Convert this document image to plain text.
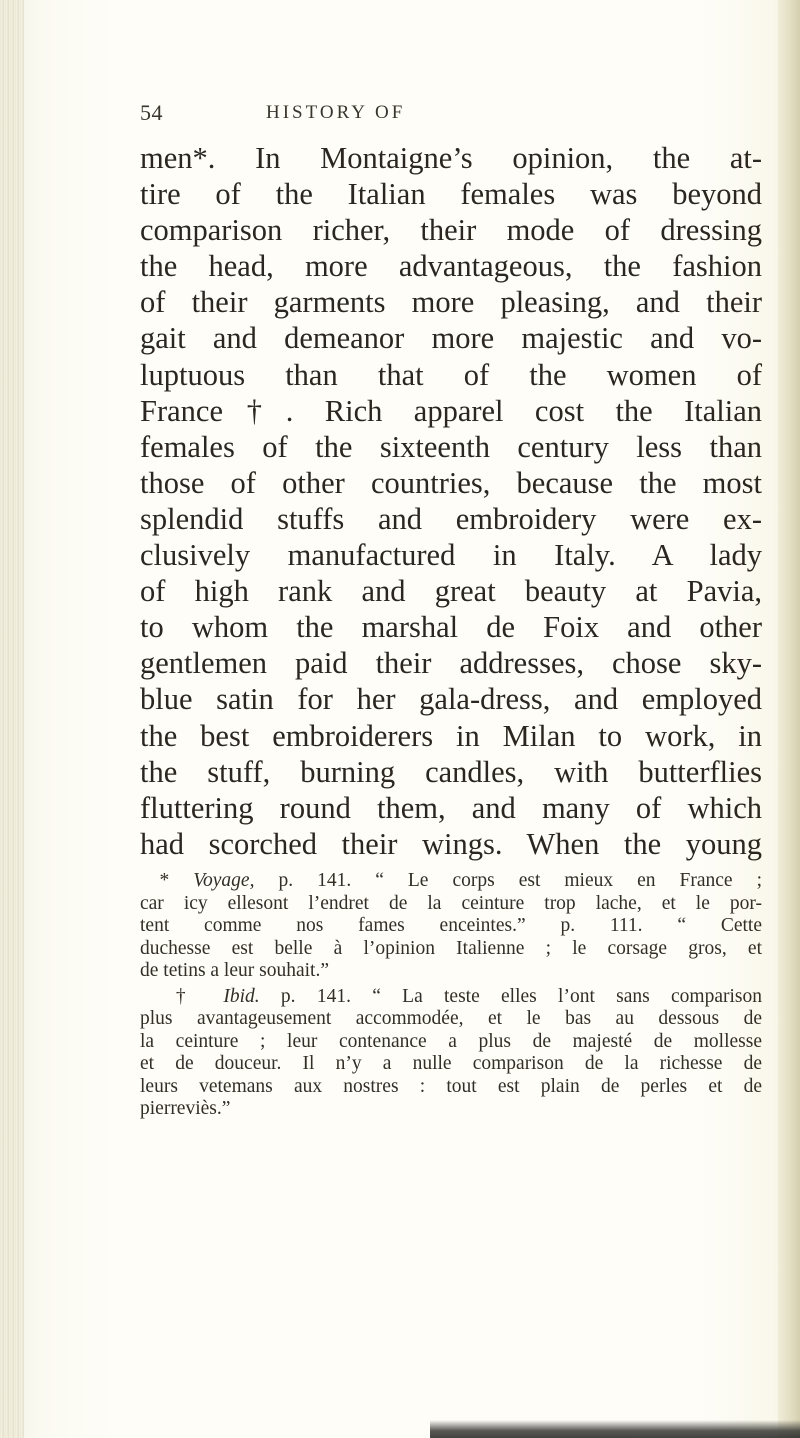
54	HISTORY OF
men*. In Montaigne’s opinion, the at-
tire of the Italian females was beyond
comparison richer, their mode of dressing
the head, more advantageous, the fashion
of their garments more pleasing, and their
gait and demeanor more majestic and vo-
luptuous than that of the women of
France†. Rich apparel cost the Italian
females of the sixteenth century less than
those of other countries, because the most
splendid stuffs and embroidery were ex-
clusively manufactured in Italy. A lady
of high rank and great beauty at Pavia,
to whom the marshal de Foix and other
gentlemen paid their addresses, chose sky-
blue satin for her gala-dress, and employed
the best embroiderers in Milan to work, in
the stuff, burning candles, with butterflies
fluttering round them, and many of which
had scorched their wings. When the young
 * Voyage, p. 141. “ Le corps est mieux en France ;
car icy ellesont l’endret de la ceinture trop lache, et le por-
tent comme nos fames enceintes.” p. 111. “ Cette
duchesse est belle à l’opinion Italienne ; le corsage gros, et
de tetins a leur souhait.”
 † Ibid. p. 141. “ La teste elles l’ont sans comparison
plus avantageusement accommodée, et le bas au dessous de
la ceinture ; leur contenance a plus de majesté de mollesse
et de douceur. Il n’y a nulle comparison de la richesse de
leurs vetemans aux nostres : tout est plain de perles et de
pierreviès.”
